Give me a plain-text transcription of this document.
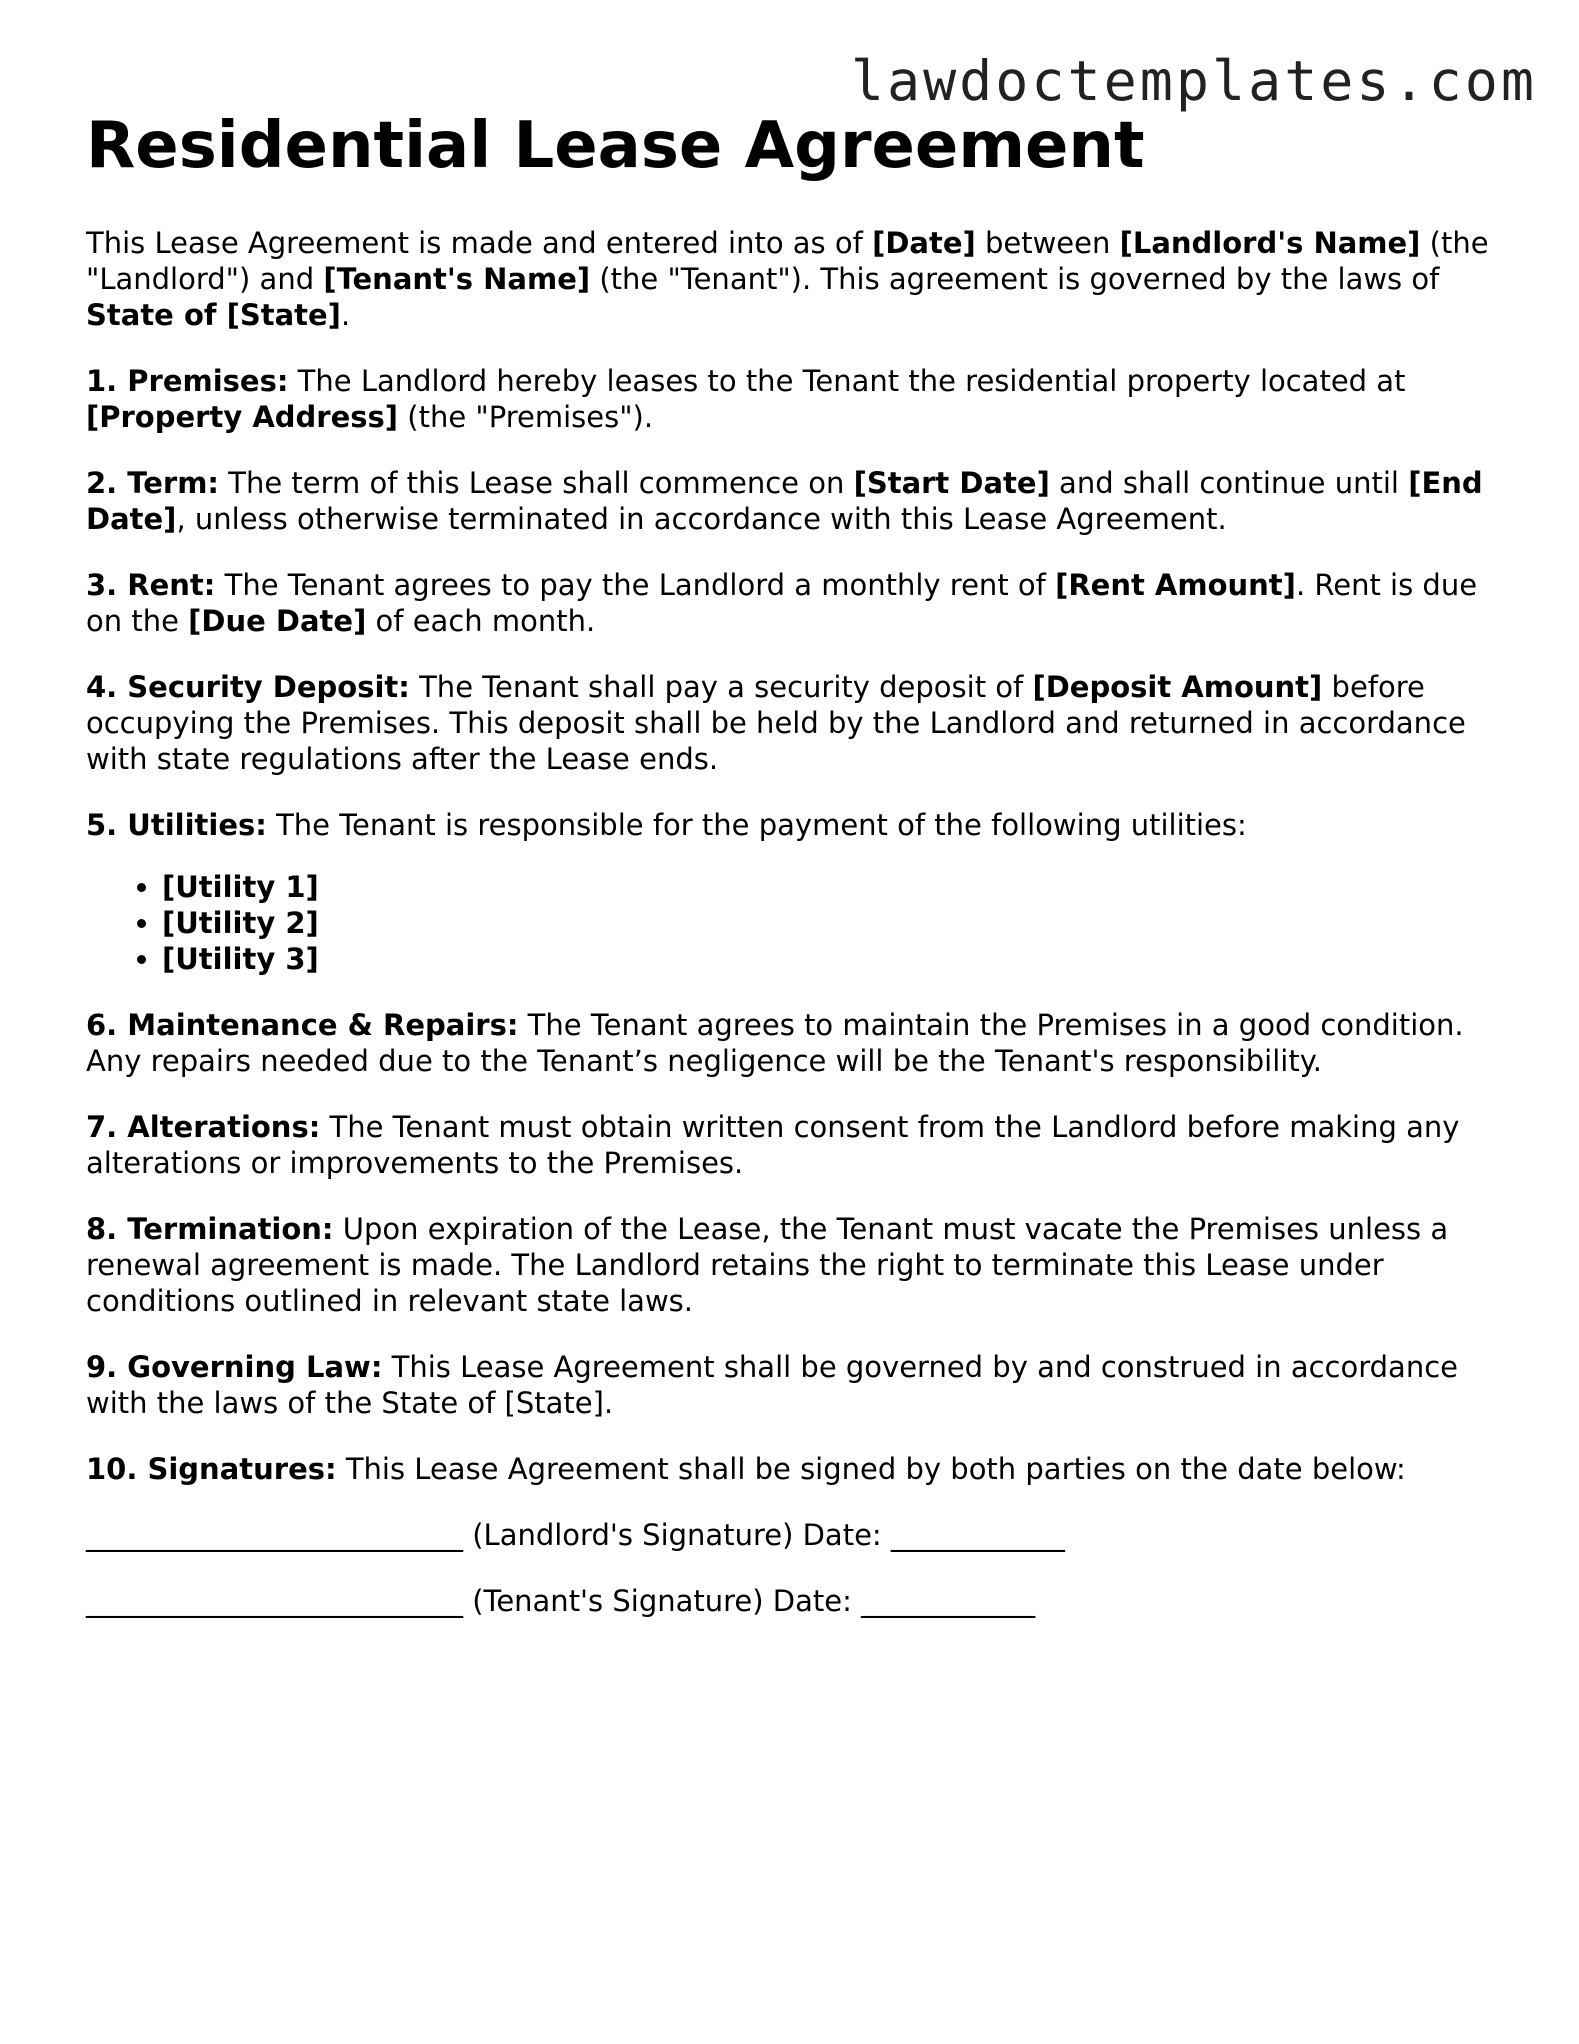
lawdoctemplates.com
Residential Lease Agreement

This Lease Agreement is made and entered into as of [Date] between [Landlord's Name] (the "Landlord") and [Tenant's Name] (the "Tenant"). This agreement is governed by the laws of State of [State].

1. Premises: The Landlord hereby leases to the Tenant the residential property located at [Property Address] (the "Premises").

2. Term: The term of this Lease shall commence on [Start Date] and shall continue until [End Date], unless otherwise terminated in accordance with this Lease Agreement.

3. Rent: The Tenant agrees to pay the Landlord a monthly rent of [Rent Amount]. Rent is due on the [Due Date] of each month.

4. Security Deposit: The Tenant shall pay a security deposit of [Deposit Amount] before occupying the Premises. This deposit shall be held by the Landlord and returned in accordance with state regulations after the Lease ends.

5. Utilities: The Tenant is responsible for the payment of the following utilities:

• [Utility 1]
• [Utility 2]
• [Utility 3]

6. Maintenance & Repairs: The Tenant agrees to maintain the Premises in a good condition. Any repairs needed due to the Tenant’s negligence will be the Tenant's responsibility.

7. Alterations: The Tenant must obtain written consent from the Landlord before making any alterations or improvements to the Premises.

8. Termination: Upon expiration of the Lease, the Tenant must vacate the Premises unless a renewal agreement is made. The Landlord retains the right to terminate this Lease under conditions outlined in relevant state laws.

9. Governing Law: This Lease Agreement shall be governed by and construed in accordance with the laws of the State of [State].

10. Signatures: This Lease Agreement shall be signed by both parties on the date below:

__________________________ (Landlord's Signature) Date: ____________

__________________________ (Tenant's Signature) Date: ____________
